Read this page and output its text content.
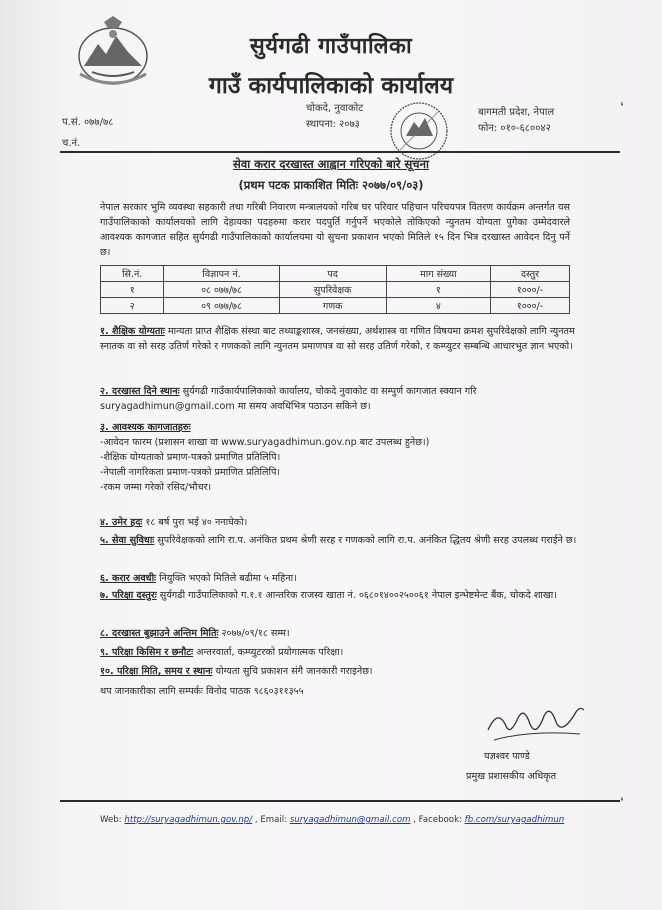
सुर्यगढी गाउँपालिका
गाउँ कार्यपालिकाको कार्यालय
प.सं. ०७७/७८
च.नं.
चोकदे, नुवाकोट
स्थापना: २०७३
बागमती प्रदेश, नेपाल
फोन: ०१०-६८००४२
सेवा करार दरखास्त आह्वान गरिएको बारे सूचना
(प्रथम पटक प्राकाशित मितिः २०७७/०९/०३)
नेपाल सरकार भुमि व्यवस्था सहकारी तथा गरिबी निवारण मन्त्रालयको गरिब घर परिवार पहिचान परिचयपत्र वितरण कार्यक्रम अन्तर्गत यस गाउँपालिकाको कार्यालयको लागि देहायका पदहरुमा करार पदपुर्ति गर्नुपर्ने भएकोले तोकिएको न्युनतम योग्यता पुगेका उम्मेदवारले आवश्यक कागजात सहित सुर्यगढी गाउँपालिकाको कार्यालयमा यो सुचना प्रकाशन भएको मितिले १५ दिन भित्र दरखास्त आवेदन दिनु पर्ने छ।
सि.नं.	विज्ञापन नं.	पद	माग संख्या	दस्तुर
१	०८ ०७७/७८	सुपरिवेक्षक	१	१०००/-
२	०९ ०७७/७८	गणक	४	१०००/-
१. शैक्षिक योग्यताः मान्यता प्राप्त शैक्षिक संस्था बाट तथ्याङ्कशास्त्र, जनसंख्या, अर्थशास्त्र वा गणित विषयमा क्रमश सुपरिवेक्षको लागि न्युनतम स्नातक वा सो सरह उतिर्ण गरेको र गणकको लागि न्युनतम प्रमाणपत्र वा सो सरह उतिर्ण गरेको, र कम्प्युटर सम्बन्धि आधारभुत ज्ञान भएको।
२. दरखास्त दिने स्थानः सुर्यगढी गाउँकार्यपालिकाको कार्यालय, चोकदे नुवाकोट वा सम्पुर्ण कागजात स्क्यान गरि suryagadhimun@gmail.com मा समय अवधिभित्र पठाउन सकिने छ।
३. आवश्यक कागजातहरुः
-आवेदन फारम (प्रशासन शाखा वा www.suryagadhimun.gov.np बाट उपलब्ध हुनेछ।)
-शैक्षिक योग्यताको प्रमाण-पत्रको प्रमाणित प्रतिलिपि।
-नेपाली नागरिकता प्रमाण-पत्रको प्रमाणित प्रतिलिपि।
-रकम जम्मा गरेको रसिद/भौचर।
४. उमेर हदः १८ बर्ष पुरा भई ४० ननाघेको।
५. सेवा सुविधाः सुपरिवेक्षकको लागि रा.प. अनंकित प्रथम श्रेणी सरह र गणकको लागि रा.प. अनंकित द्धितय श्रेणी सरह उपलब्ध गराईने छ।
६. करार अवधीः नियुक्ति भएको मितिले बढीमा ५ महिना।
७. परिक्षा दस्तुरः सुर्यगढी गाउँपालिकाको ग.१.१ आन्तरिक राजस्व खाता नं. ०६८०१४००२५००६१ नेपाल इन्भेष्टमेन्ट बैंक, चोकदे शाखा।
८. दरखास्त बुझाउने अन्तिम मितिः २०७७/०९/१८ सम्म।
९. परिक्षा किसिम र छनौटः अन्तरवार्ता, कम्प्युटरको प्रयोगात्मक परिक्षा।
१०. परिक्षा मिति, समय र स्थानः योग्यता सुचि प्रकाशन संगै जानकारी गराइनेछ।
थप जानकारीका लागि सम्पर्कः विनोद पाठक ९८६०३११३५५
यज्ञश्वर पाण्डे
प्रमुख प्रशासकीय अधिकृत
Web: http://suryagadhimun.gov.np/ , Email: suryagadhimun@gmail.com , Facebook: fb.com/suryagadhimun
❛
❛
